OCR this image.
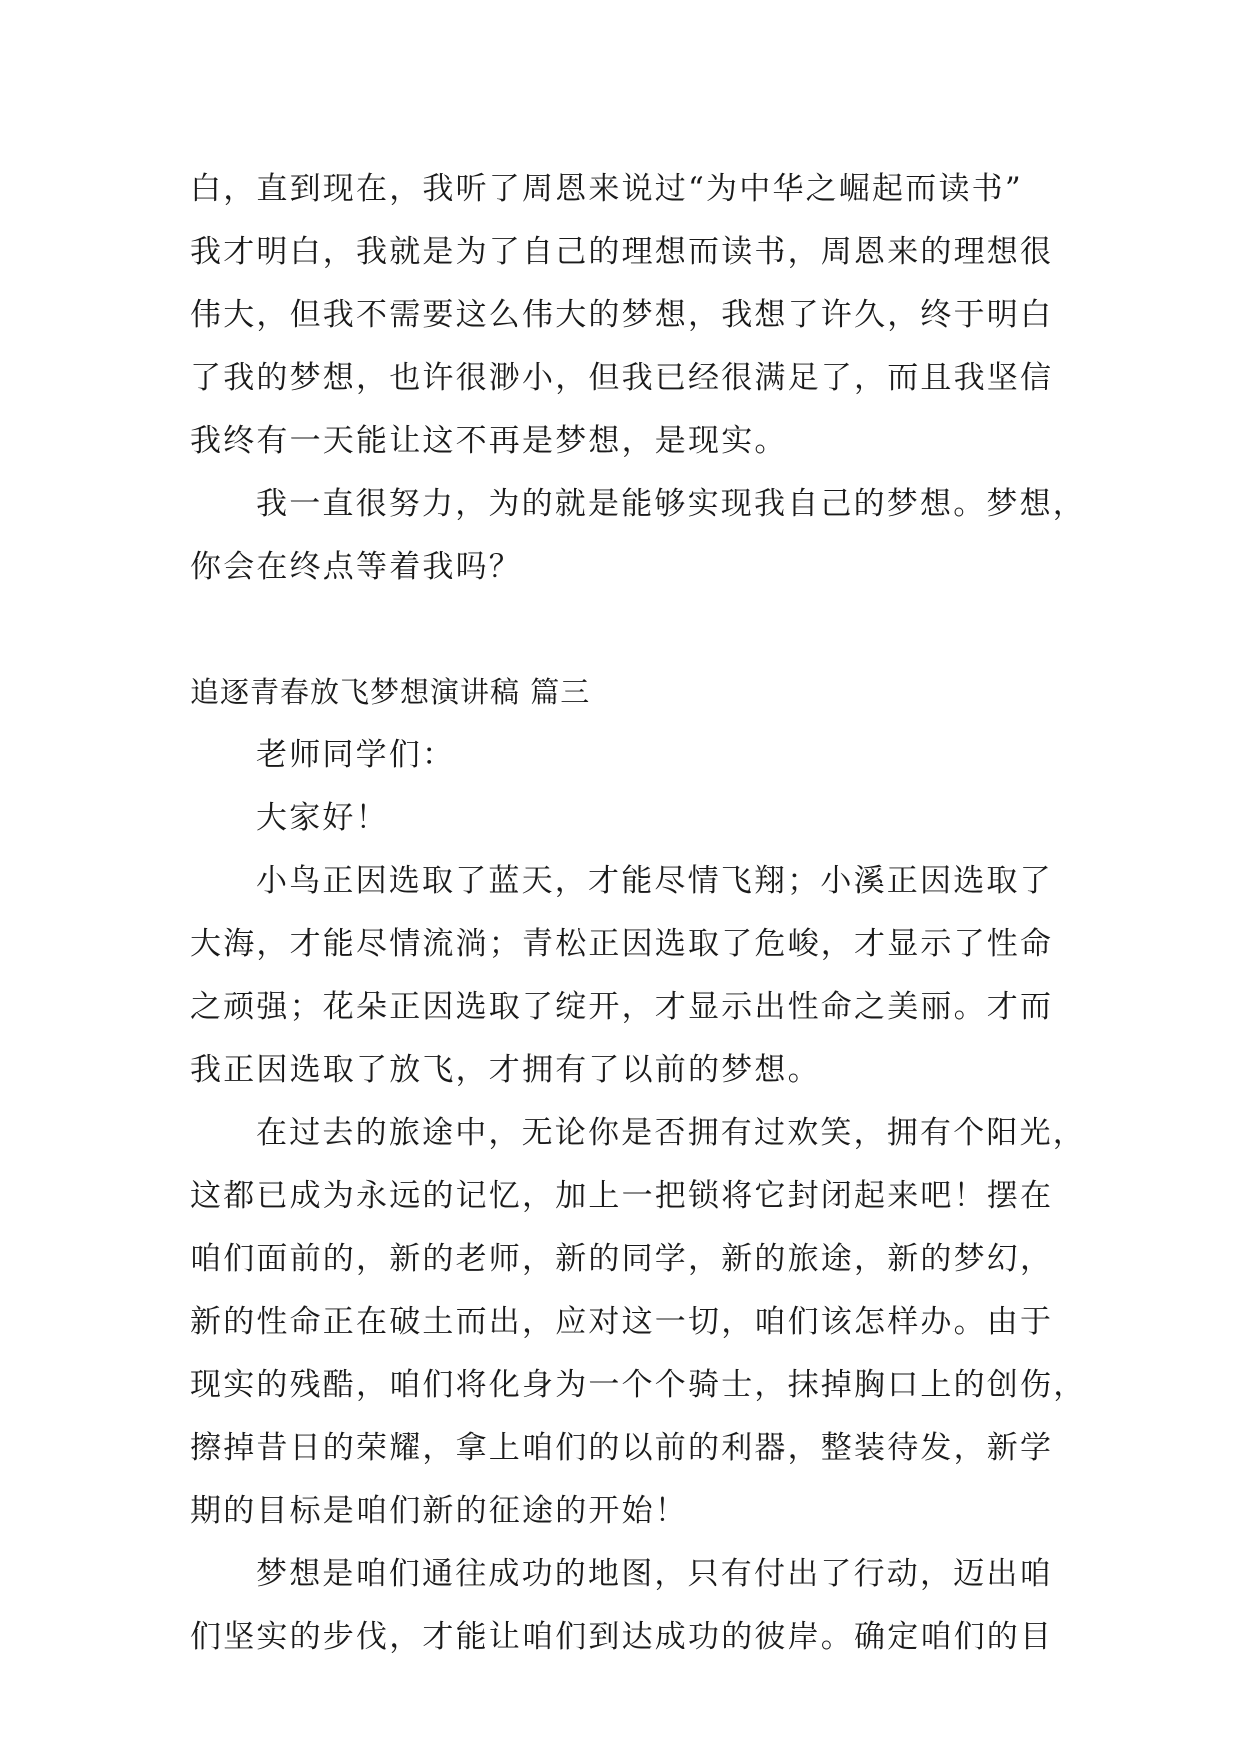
白，直到现在，我听了周恩来说过“为中华之崛起而读书”
我才明白，我就是为了自己的理想而读书，周恩来的理想很
伟大，但我不需要这么伟大的梦想，我想了许久，终于明白
了我的梦想，也许很渺小，但我已经很满足了，而且我坚信
我终有一天能让这不再是梦想，是现实。
我一直很努力，为的就是能够实现我自己的梦想。梦想，
你会在终点等着我吗？
追逐青春放飞梦想演讲稿 篇三
老师同学们：
大家好！
小鸟正因选取了蓝天，才能尽情飞翔；小溪正因选取了
大海，才能尽情流淌；青松正因选取了危峻，才显示了性命
之顽强；花朵正因选取了绽开，才显示出性命之美丽。才而
我正因选取了放飞，才拥有了以前的梦想。
在过去的旅途中，无论你是否拥有过欢笑，拥有个阳光，
这都已成为永远的记忆，加上一把锁将它封闭起来吧！摆在
咱们面前的，新的老师，新的同学，新的旅途，新的梦幻，
新的性命正在破土而出，应对这一切，咱们该怎样办。由于
现实的残酷，咱们将化身为一个个骑士，抹掉胸口上的创伤，
擦掉昔日的荣耀，拿上咱们的以前的利器，整装待发，新学
期的目标是咱们新的征途的开始！
梦想是咱们通往成功的地图，只有付出了行动，迈出咱
们坚实的步伐，才能让咱们到达成功的彼岸。确定咱们的目
